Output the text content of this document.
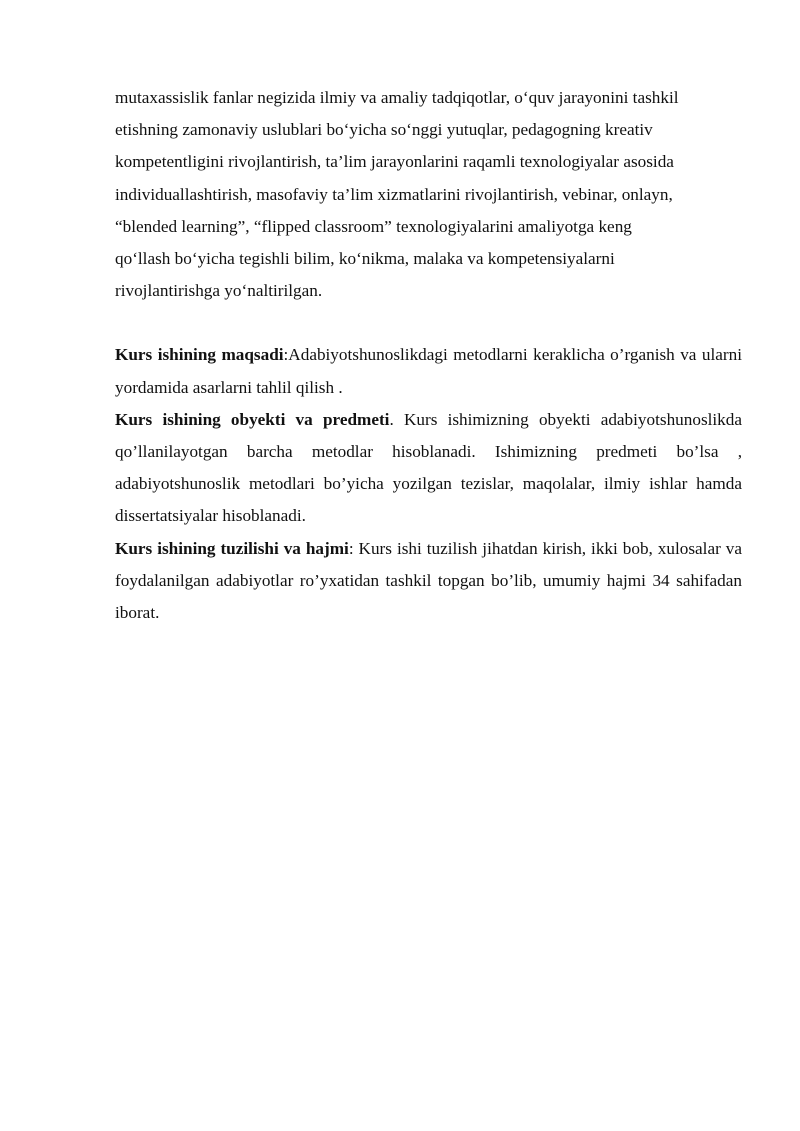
mutaxassislik fanlar negizida ilmiy va amaliy tadqiqotlar, o‘quv jarayonini tashkil
etishning zamonaviy uslublari bo‘yicha so‘nggi yutuqlar, pedagogning kreativ
kompetentligini rivojlantirish, ta’lim jarayonlarini raqamli texnologiyalar asosida
individuallashtirish, masofaviy ta’lim xizmatlarini rivojlantirish, vebinar, onlayn,
“blended learning”, “flipped classroom” texnologiyalarini amaliyotga keng
qo‘llash bo‘yicha tegishli bilim, ko‘nikma, malaka va kompetensiyalarni
rivojlantirishga yo‘naltirilgan.
Kurs ishining maqsadi:Adabiyotshunoslikdagi metodlarni keraklicha o’rganish va ularni yordamida asarlarni tahlil qilish .
Kurs ishining obyekti va predmeti. Kurs ishimizning obyekti adabiyotshunoslikda qo’llanilayotgan barcha metodlar hisoblanadi. Ishimizning predmeti bo’lsa , adabiyotshunoslik metodlari bo’yicha yozilgan tezislar, maqolalar, ilmiy ishlar hamda dissertatsiyalar hisoblanadi.
Kurs ishining tuzilishi va hajmi: Kurs ishi tuzilish jihatdan kirish, ikki bob, xulosalar va foydalanilgan adabiyotlar ro’yxatidan tashkil topgan bo’lib, umumiy hajmi 34 sahifadan iborat.
